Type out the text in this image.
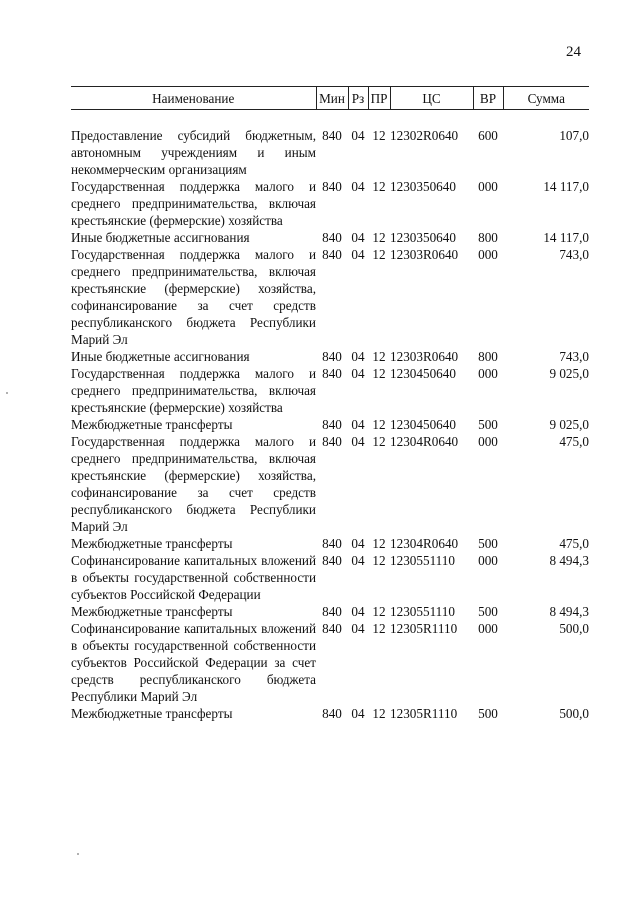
24
Наименование	Мин	Рз	ПР	ЦС	ВР	Сумма

Предоставление субсидий бюджетным, автономным учреждениям и иным некоммерческим организациям	840	04	12	12302R0640	600	107,0
Государственная поддержка малого и среднего предпринимательства, включая крестьянские (фермерские) хозяйства	840	04	12	1230350640	000	14 117,0
Иные бюджетные ассигнования	840	04	12	1230350640	800	14 117,0
Государственная поддержка малого и среднего предпринимательства, включая крестьянские (фермерские) хозяйства, софинансирование за счет средств республиканского бюджета Республики Марий Эл	840	04	12	12303R0640	000	743,0
Иные бюджетные ассигнования	840	04	12	12303R0640	800	743,0
Государственная поддержка малого и среднего предпринимательства, включая крестьянские (фермерские) хозяйства	840	04	12	1230450640	000	9 025,0
Межбюджетные трансферты	840	04	12	1230450640	500	9 025,0
Государственная поддержка малого и среднего предпринимательства, включая крестьянские (фермерские) хозяйства, софинансирование за счет средств республиканского бюджета Республики Марий Эл	840	04	12	12304R0640	000	475,0
Межбюджетные трансферты	840	04	12	12304R0640	500	475,0
Софинансирование капитальных вложений в объекты государственной собственности субъектов Российской Федерации	840	04	12	1230551110	000	8 494,3
Межбюджетные трансферты	840	04	12	1230551110	500	8 494,3
Софинансирование капитальных вложений в объекты государственной собственности субъектов Российской Федерации за счет средств республиканского бюджета Республики Марий Эл	840	04	12	12305R1110	000	500,0
Межбюджетные трансферты	840	04	12	12305R1110	500	500,0
